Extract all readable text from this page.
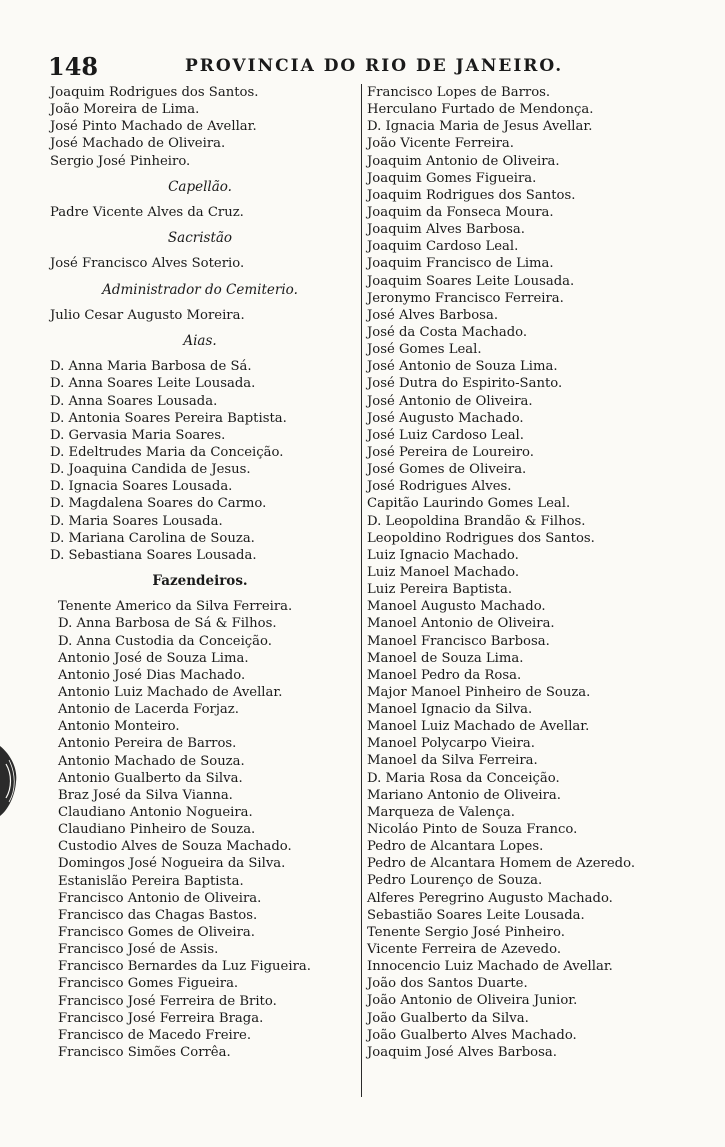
148	PROVINCIA DO RIO DE JANEIRO.
Joaquim Rodrigues dos Santos.
João Moreira de Lima.
José Pinto Machado de Avellar.
José Machado de Oliveira.
Sergio José Pinheiro.
Capellão.
Padre Vicente Alves da Cruz.
Sacristão
José Francisco Alves Soterio.
Administrador do Cemiterio.
Julio Cesar Augusto Moreira.
Aias.
D. Anna Maria Barbosa de Sá.
D. Anna Soares Leite Lousada.
D. Anna Soares Lousada.
D. Antonia Soares Pereira Baptista.
D. Gervasia Maria Soares.
D. Edeltrudes Maria da Conceição.
D. Joaquina Candida de Jesus.
D. Ignacia Soares Lousada.
D. Magdalena Soares do Carmo.
D. Maria Soares Lousada.
D. Mariana Carolina de Souza.
D. Sebastiana Soares Lousada.
Fazendeiros.
Tenente Americo da Silva Ferreira.
D. Anna Barbosa de Sá & Filhos.
D. Anna Custodia da Conceição.
Antonio José de Souza Lima.
Antonio José Dias Machado.
Antonio Luiz Machado de Avellar.
Antonio de Lacerda Forjaz.
Antonio Monteiro.
Antonio Pereira de Barros.
Antonio Machado de Souza.
Antonio Gualberto da Silva.
Braz José da Silva Vianna.
Claudiano Antonio Nogueira.
Claudiano Pinheiro de Souza.
Custodio Alves de Souza Machado.
Domingos José Nogueira da Silva.
Estanislão Pereira Baptista.
Francisco Antonio de Oliveira.
Francisco das Chagas Bastos.
Francisco Gomes de Oliveira.
Francisco José de Assis.
Francisco Bernardes da Luz Figueira.
Francisco Gomes Figueira.
Francisco José Ferreira de Brito.
Francisco José Ferreira Braga.
Francisco de Macedo Freire.
Francisco Simões Corrêa.
Francisco Lopes de Barros.
Herculano Furtado de Mendonça.
D. Ignacia Maria de Jesus Avellar.
João Vicente Ferreira.
Joaquim Antonio de Oliveira.
Joaquim Gomes Figueira.
Joaquim Rodrigues dos Santos.
Joaquim da Fonseca Moura.
Joaquim Alves Barbosa.
Joaquim Cardoso Leal.
Joaquim Francisco de Lima.
Joaquim Soares Leite Lousada.
Jeronymo Francisco Ferreira.
José Alves Barbosa.
José da Costa Machado.
José Gomes Leal.
José Antonio de Souza Lima.
José Dutra do Espirito-Santo.
José Antonio de Oliveira.
José Augusto Machado.
José Luiz Cardoso Leal.
José Pereira de Loureiro.
José Gomes de Oliveira.
José Rodrigues Alves.
Capitão Laurindo Gomes Leal.
D. Leopoldina Brandão & Filhos.
Leopoldino Rodrigues dos Santos.
Luiz Ignacio Machado.
Luiz Manoel Machado.
Luiz Pereira Baptista.
Manoel Augusto Machado.
Manoel Antonio de Oliveira.
Manoel Francisco Barbosa.
Manoel de Souza Lima.
Manoel Pedro da Rosa.
Major Manoel Pinheiro de Souza.
Manoel Ignacio da Silva.
Manoel Luiz Machado de Avellar.
Manoel Polycarpo Vieira.
Manoel da Silva Ferreira.
D. Maria Rosa da Conceição.
Mariano Antonio de Oliveira.
Marqueza de Valença.
Nicoláo Pinto de Souza Franco.
Pedro de Alcantara Lopes.
Pedro de Alcantara Homem de Azeredo.
Pedro Lourenço de Souza.
Alferes Peregrino Augusto Machado.
Sebastião Soares Leite Lousada.
Tenente Sergio José Pinheiro.
Vicente Ferreira de Azevedo.
Innocencio Luiz Machado de Avellar.
João dos Santos Duarte.
João Antonio de Oliveira Junior.
João Gualberto da Silva.
João Gualberto Alves Machado.
Joaquim José Alves Barbosa.
